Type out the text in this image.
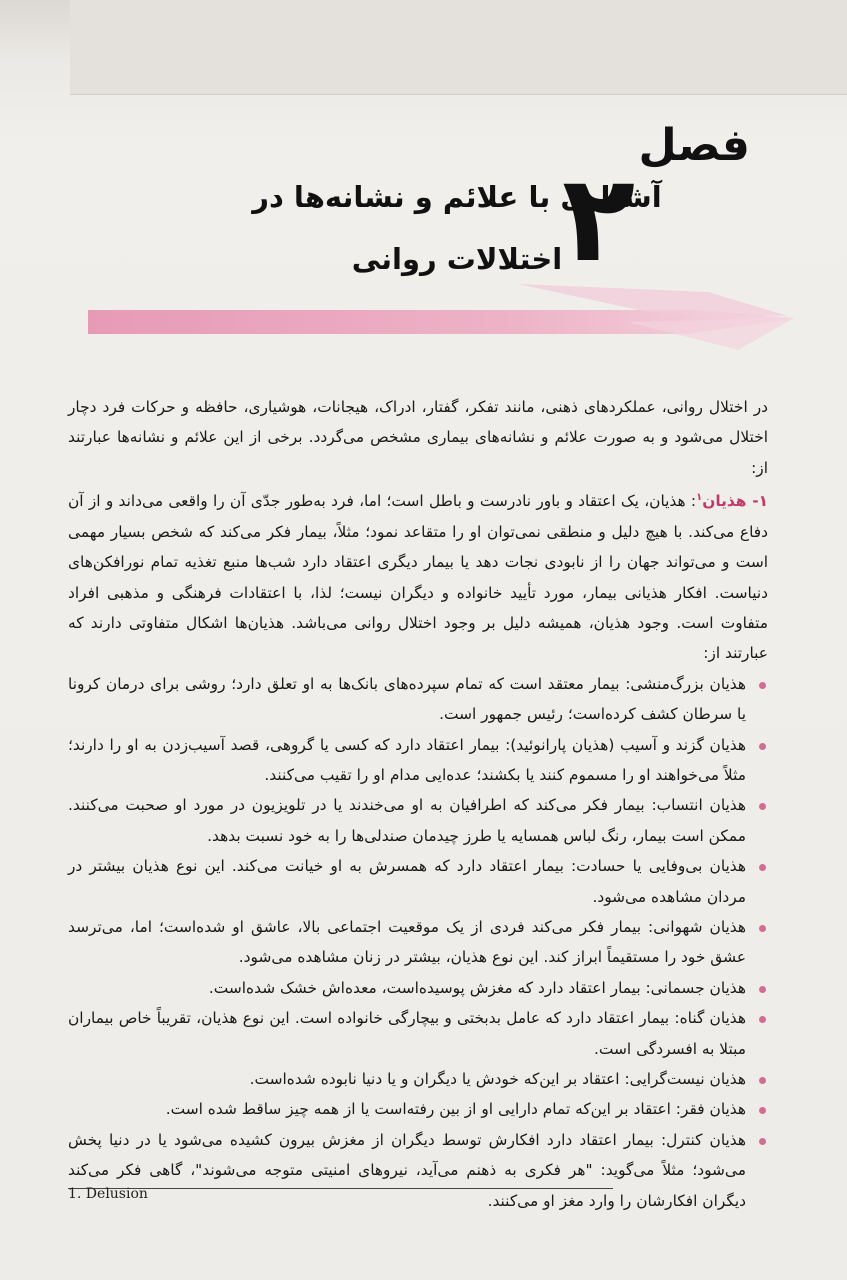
فصل
۲
آشنایی با علائم و نشانه‌ها در
اختلالات روانی

در اختلال روانی، عملکردهای ذهنی، مانند تفکر، گفتار، ادراک، هیجانات، هوشیاری، حافظه و حرکات فرد دچار اختلال می‌شود و به صورت علائم و نشانه‌های بیماری مشخص می‌گردد. برخی از این علائم و نشانه‌ها عبارتند از:

۱- هذیان$^۱$: هذیان، یک اعتقاد و باور نادرست و باطل است؛ اما، فرد به‌طور جدّی آن را واقعی می‌داند و از آن دفاع می‌کند. با هیچ دلیل و منطقی نمی‌توان او را متقاعد نمود؛ مثلاً، بیمار فکر می‌کند که شخص بسیار مهمی است و می‌تواند جهان را از نابودی نجات دهد یا بیمار دیگری اعتقاد دارد شب‌ها منبع تغذیه تمام نورافکن‌های دنیاست. افکار هذیانی بیمار، مورد تأیید خانواده و دیگران نیست؛ لذا، با اعتقادات فرهنگی و مذهبی افراد متفاوت است. وجود هذیان، همیشه دلیل بر وجود اختلال روانی می‌باشد. هذیان‌ها اشکال متفاوتی دارند که عبارتند از:

هذیان بزرگ‌منشی: بیمار معتقد است که تمام سپرده‌های بانک‌ها به او تعلق دارد؛ روشی برای درمان کرونا یا سرطان کشف کرده‌است؛ رئیس جمهور است.
هذیان گزند و آسیب (هذیان پارانوئید): بیمار اعتقاد دارد که کسی یا گروهی، قصد آسیب‌زدن به او را دارند؛ مثلاً می‌خواهند او را مسموم کنند یا بکشند؛ عده‌ایی مدام او را تقیب می‌کنند.
هذیان انتساب: بیمار فکر می‌کند که اطرافیان به او می‌خندند یا در تلویزیون در مورد او صحبت می‌کنند. ممکن است بیمار، رنگ لباس همسایه یا طرز چیدمان صندلی‌ها را به خود نسبت بدهد.
هذیان بی‌وفایی یا حسادت: بیمار اعتقاد دارد که همسرش به او خیانت می‌کند. این نوع هذیان بیشتر در مردان مشاهده می‌شود.
هذیان شهوانی: بیمار فکر می‌کند فردی از یک موقعیت اجتماعی بالا، عاشق او شده‌است؛ اما، می‌ترسد عشق خود را مستقیماً ابراز کند. این نوع هذیان، بیشتر در زنان مشاهده می‌شود.
هذیان جسمانی: بیمار اعتقاد دارد که مغزش پوسیده‌است، معده‌اش خشک شده‌است.
هذیان گناه: بیمار اعتقاد دارد که عامل بدبختی و بیچارگی خانواده است. این نوع هذیان، تقریباً خاص بیماران مبتلا به افسردگی است.
هذیان نیست‌گرایی: اعتقاد بر این‌که خودش یا دیگران و یا دنیا نابوده شده‌است.
هذیان فقر: اعتقاد بر این‌که تمام دارایی او از بین رفته‌است یا از همه چیز ساقط شده است.
هذیان کنترل: بیمار اعتقاد دارد افکارش توسط دیگران از مغزش بیرون کشیده می‌شود یا در دنیا پخش می‌شود؛ مثلاً می‌گوید: "هر فکری به ذهنم می‌آید، نیروهای امنیتی متوجه می‌شوند"، گاهی فکر می‌کند دیگران افکارشان را وارد مغز او می‌کنند.
1. Delusion
